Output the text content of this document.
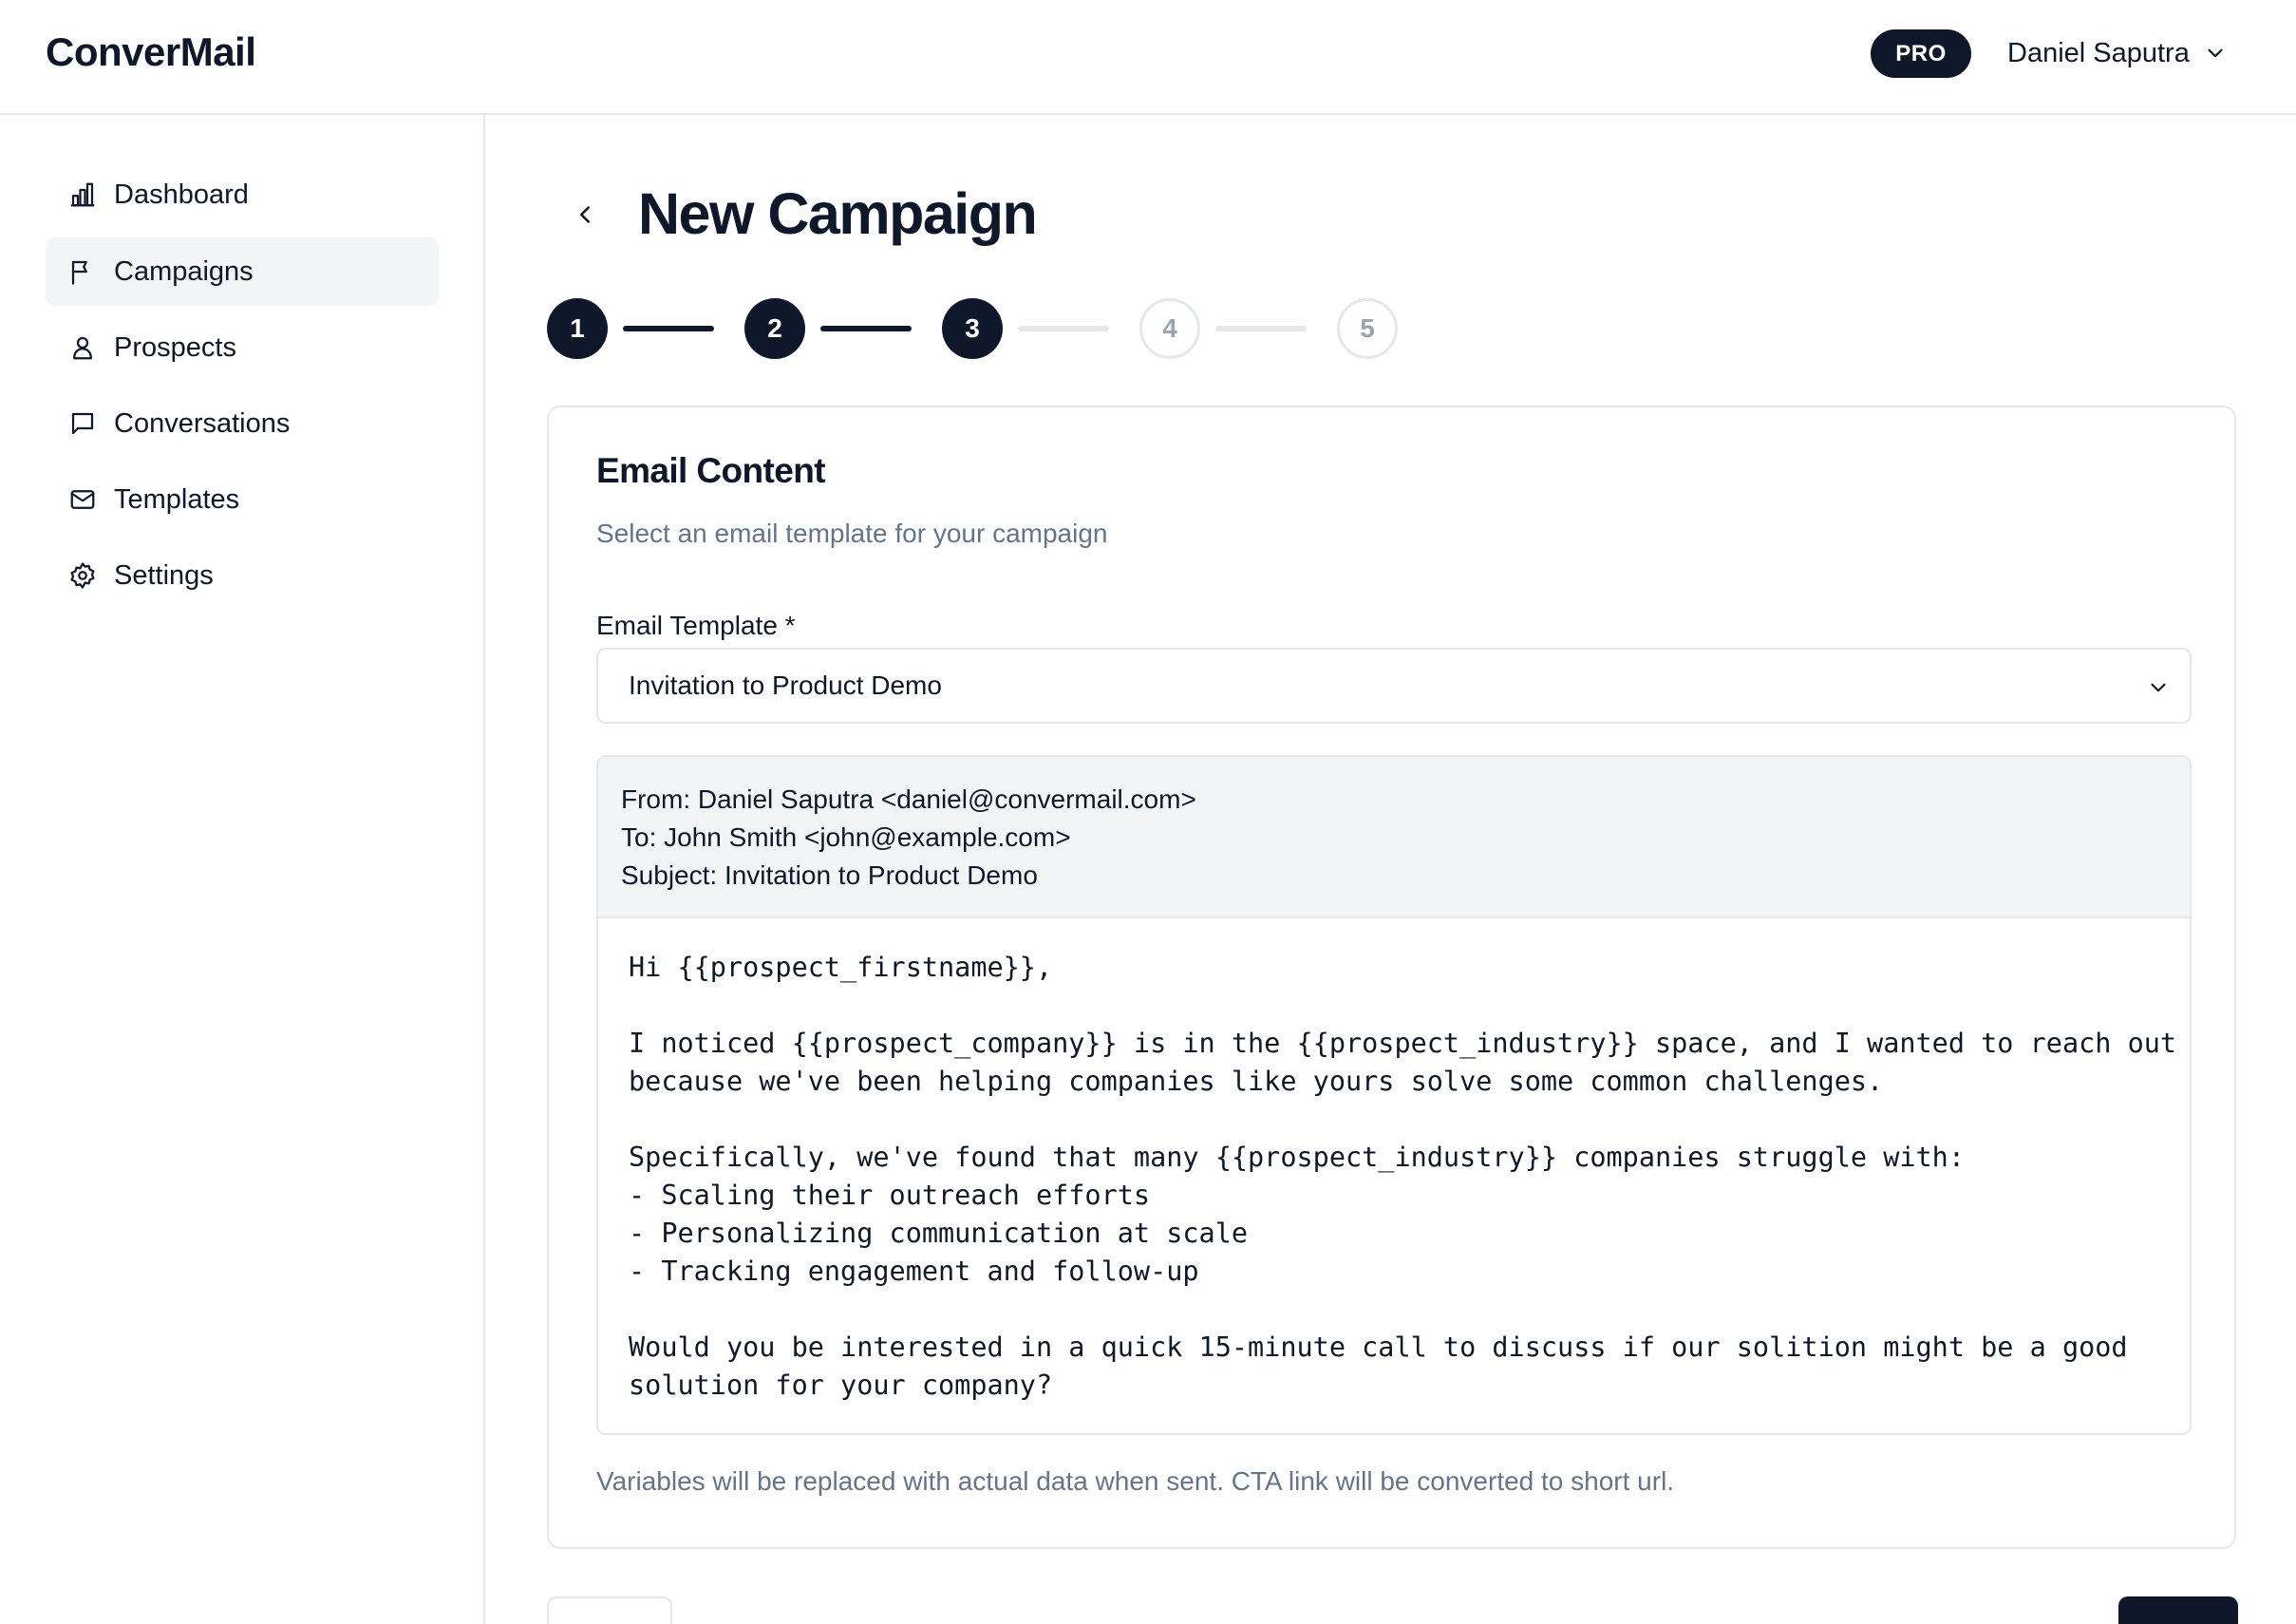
ConverMail	PRO	Daniel Saputra
Dashboard
Campaigns
Prospects
Conversations
Templates
Settings
New Campaign
1	2	3	4	5
Email Content
Select an email template for your campaign
Email Template *
Invitation to Product Demo
From: Daniel Saputra <daniel@convermail.com>
To: John Smith <john@example.com>
Subject: Invitation to Product Demo
Hi {{prospect_firstname}},

I noticed {{prospect_company}} is in the {{prospect_industry}} space, and I wanted to reach out
because we've been helping companies like yours solve some common challenges.

Specifically, we've found that many {{prospect_industry}} companies struggle with:
- Scaling their outreach efforts
- Personalizing communication at scale
- Tracking engagement and follow-up

Would you be interested in a quick 15-minute call to discuss if our solition might be a good
solution for your company?
Variables will be replaced with actual data when sent. CTA link will be converted to short url.
